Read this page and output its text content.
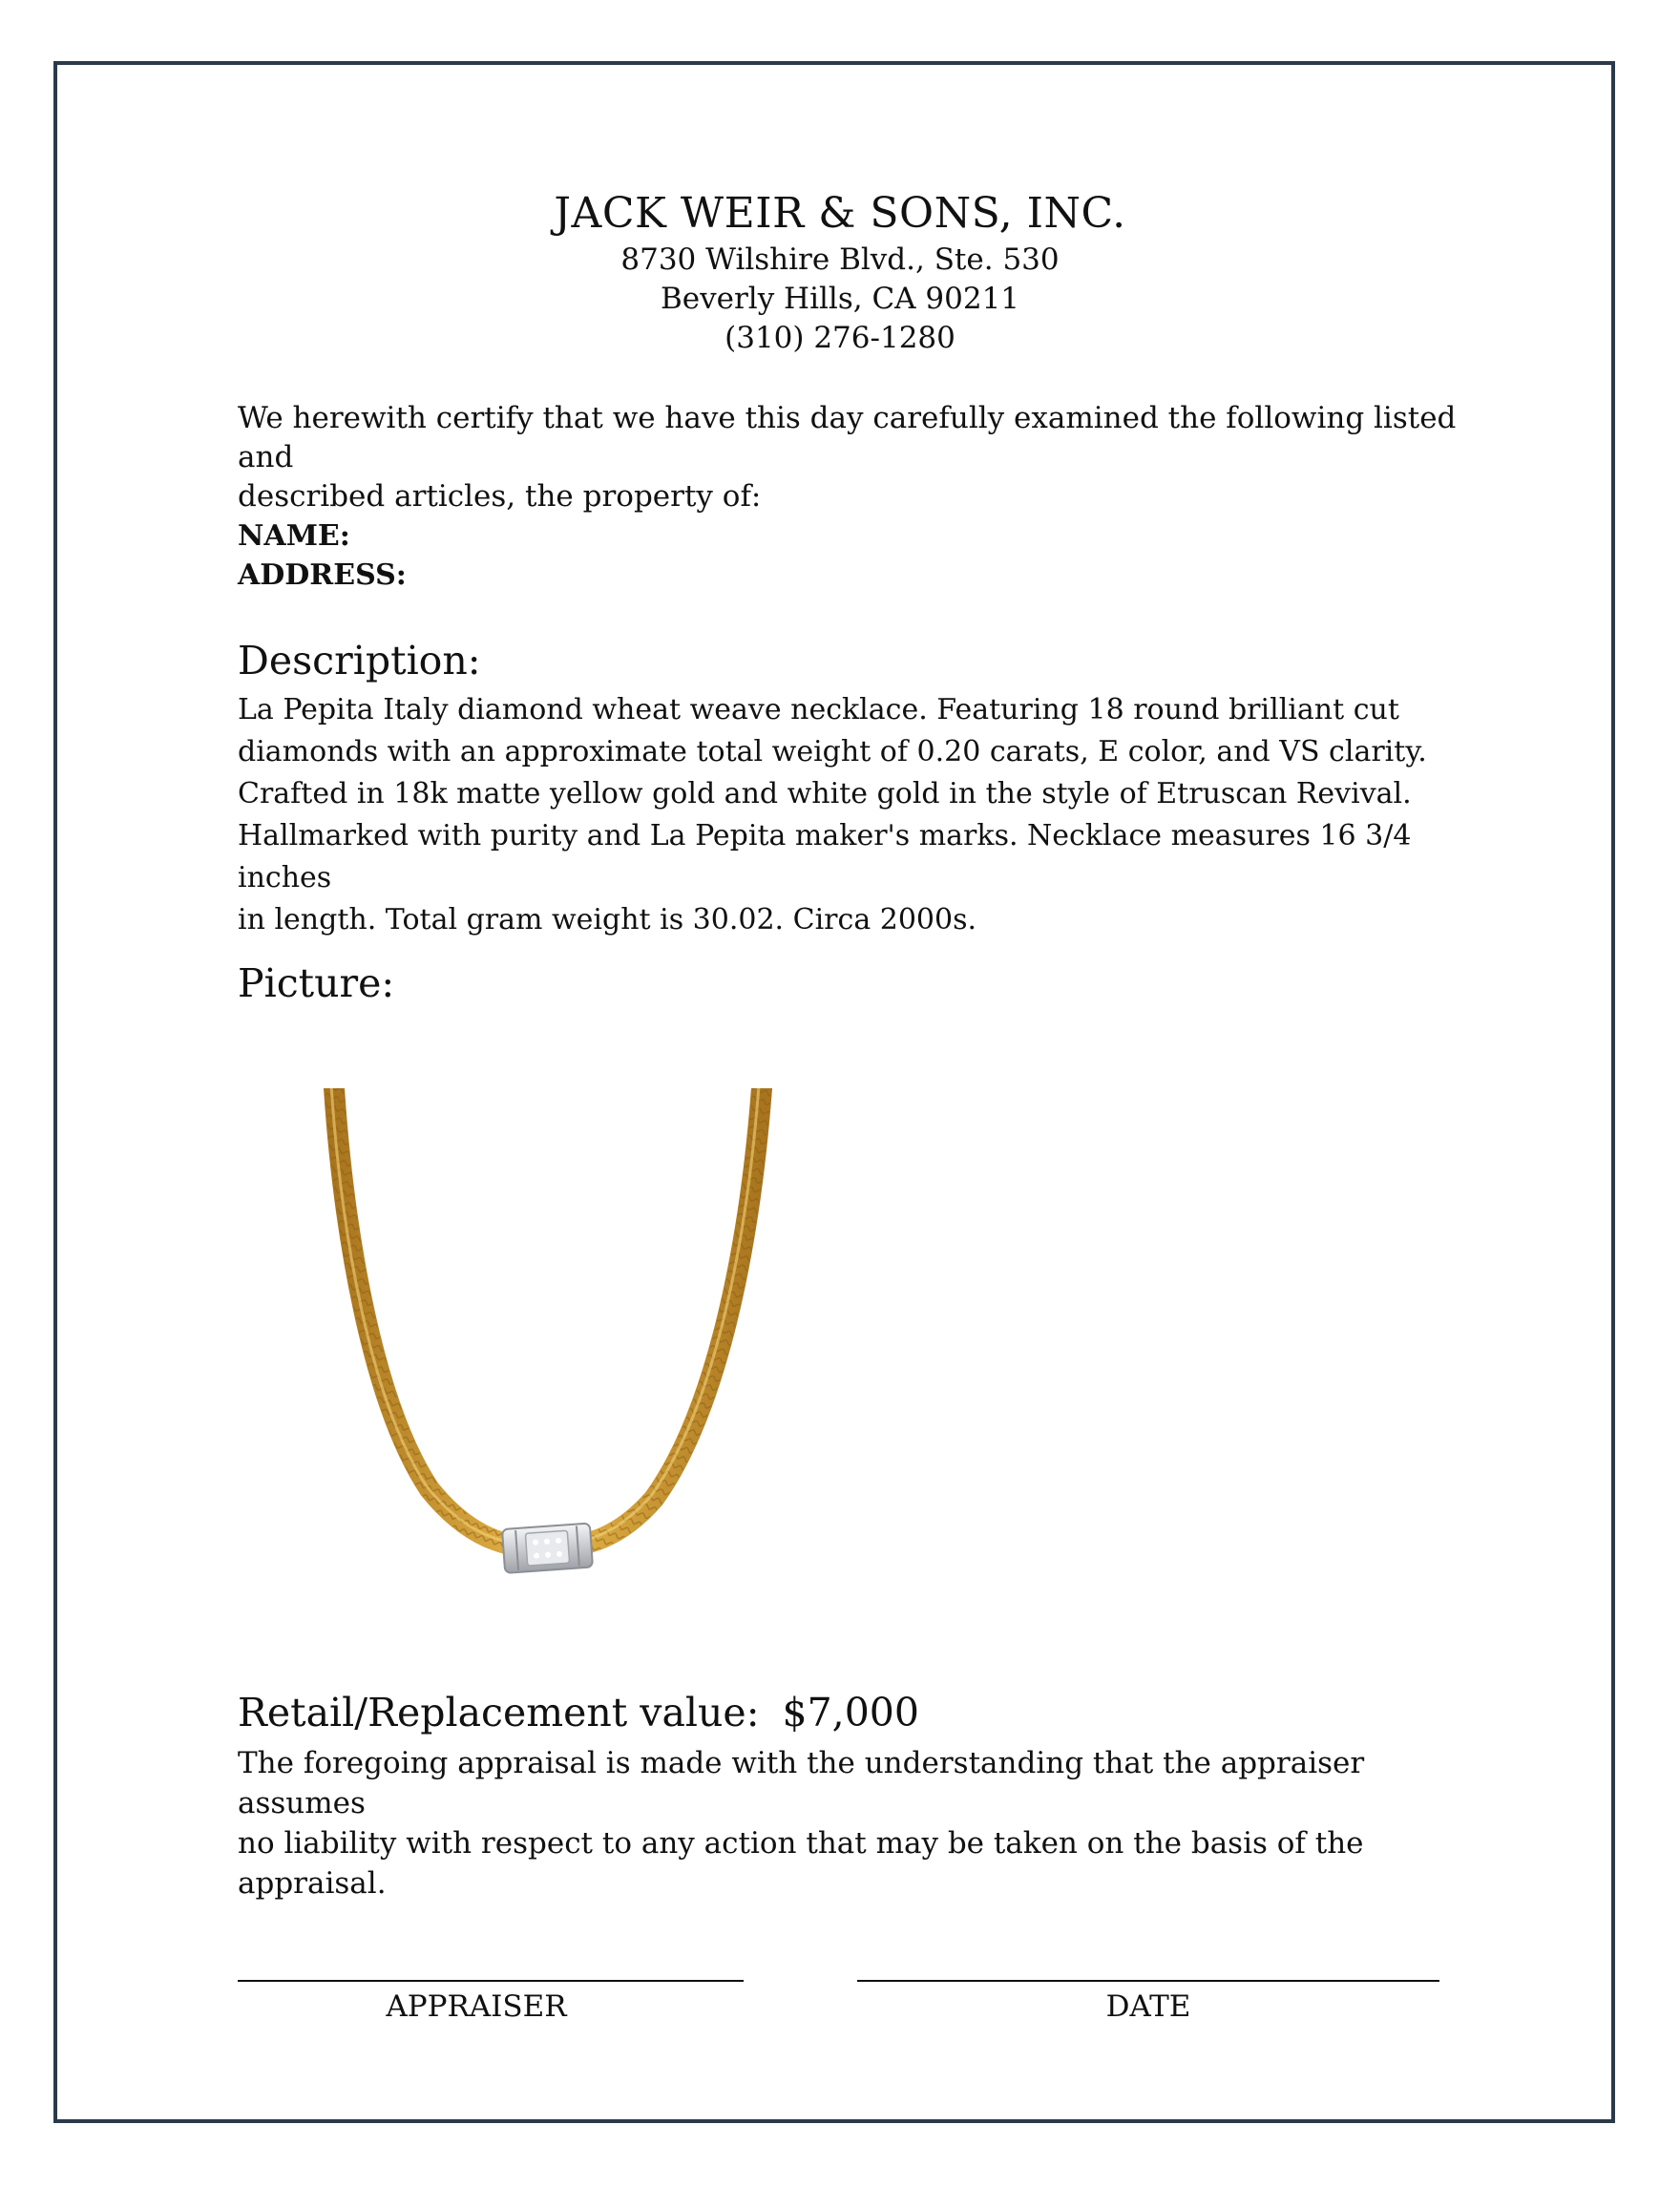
JACK WEIR & SONS, INC.
8730 Wilshire Blvd., Ste. 530
Beverly Hills, CA 90211
(310) 276-1280
We herewith certify that we have this day carefully examined the following listed and
described articles, the property of:
NAME:
ADDRESS:
Description:
La Pepita Italy diamond wheat weave necklace. Featuring 18 round brilliant cut
diamonds with an approximate total weight of 0.20 carats, E color, and VS clarity.
Crafted in 18k matte yellow gold and white gold in the style of Etruscan Revival.
Hallmarked with purity and La Pepita maker's marks. Necklace measures 16 3/4 inches
in length. Total gram weight is 30.02. Circa 2000s.
Picture:
Retail/Replacement value: $7,000
The foregoing appraisal is made with the understanding that the appraiser assumes
no liability with respect to any action that may be taken on the basis of the appraisal.
APPRAISER	DATE
